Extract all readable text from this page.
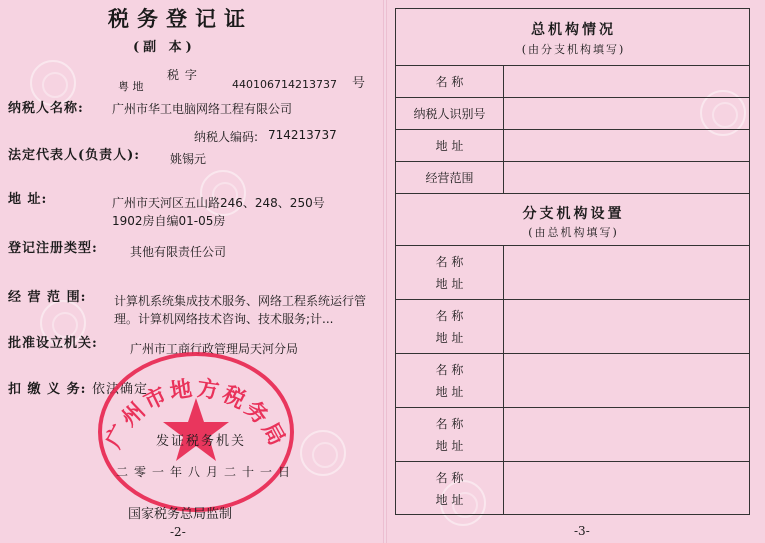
税务登记证
(副 本)
粤 地
税 字
440106714213737 号
纳税人名称: 广州市华工电脑网络工程有限公司
纳税人编码: 714213737
法定代表人(负责人): 姚锡元
地 址:	广州市天河区五山路246、248、250号1902房自编01-05房
登记注册类型:	其他有限责任公司
经 营 范 围: 计算机系统集成技术服务、网络工程系统运行管理。计算机网络技术咨询、技术服务;计...
批准设立机关:	广州市工商行政管理局天河分局
扣 缴 义 务: 依法确定
广州市地方税务局
发证税务机关
二零一年八月二十一日
国家税务总局监制
-2-
总机构情况
(由分支机构填写)
名 称
纳税人识别号
地 址
经营范围
分支机构设置
(由总机构填写)
名 称
地 址
名 称
地 址
名 称
地 址
名 称
地 址
名 称
地 址
-3-
